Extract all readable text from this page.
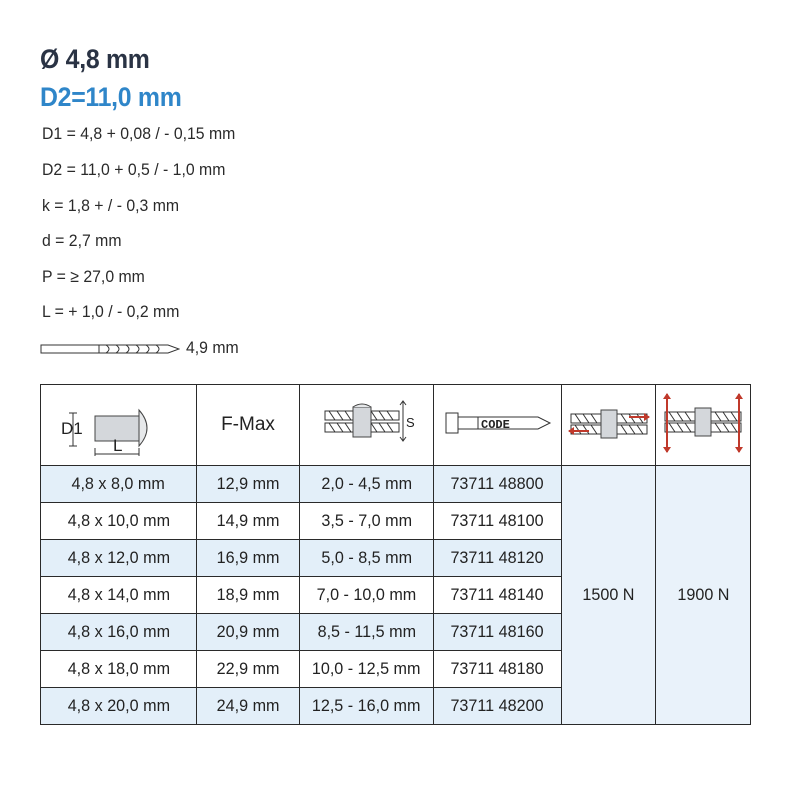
Ø 4,8 mm
D2=11,0 mm
D1 = 4,8 + 0,08 / - 0,15 mm
D2 = 11,0 + 0,5 / - 1,0 mm
k = 1,8 + / - 0,3 mm
d = 2,7 mm
P = ≥ 27,0 mm
L = + 1,0 / - 0,2 mm
4,9 mm
D1
L	F-Max	S	CODE

4,8 x 8,0 mm	12,9 mm	2,0 - 4,5 mm	73711 48800	1500 N	1900 N
4,8 x 10,0 mm	14,9 mm	3,5 - 7,0 mm	73711 48100		
4,8 x 12,0 mm	16,9 mm	5,0 - 8,5 mm	73711 48120		
4,8 x 14,0 mm	18,9 mm	7,0 - 10,0 mm	73711 48140		
4,8 x 16,0 mm	20,9 mm	8,5 - 11,5 mm	73711 48160		
4,8 x 18,0 mm	22,9 mm	10,0 - 12,5 mm	73711 48180		
4,8 x 20,0 mm	24,9 mm	12,5 - 16,0 mm	73711 48200		
